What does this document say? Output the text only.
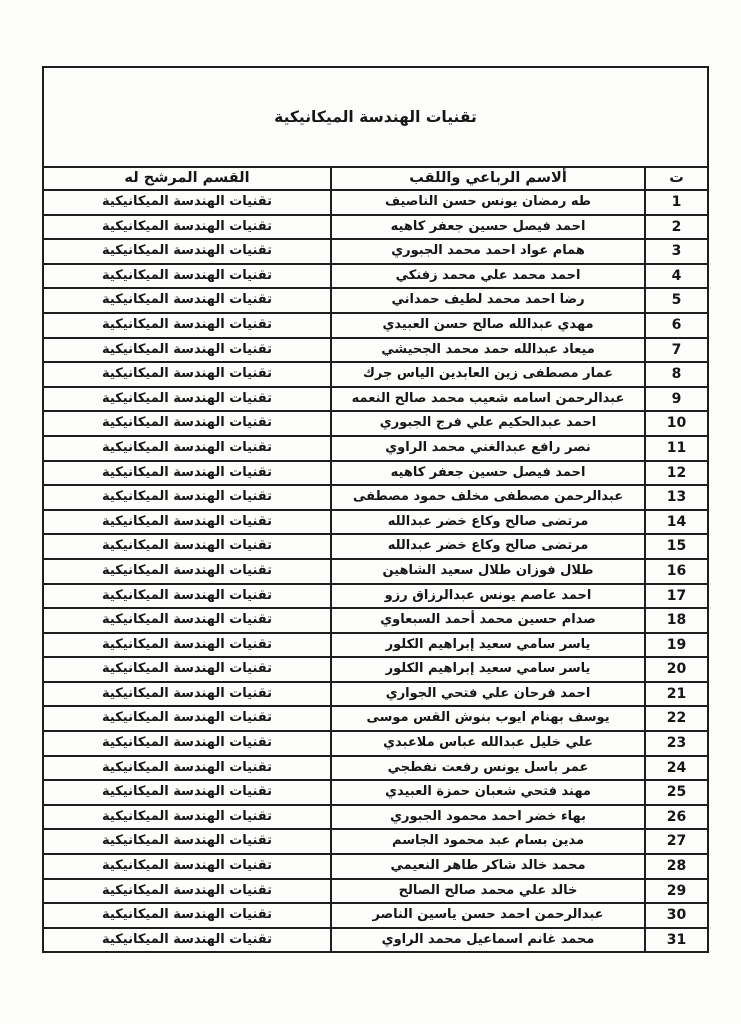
تقنيات الهندسة الميكانيكية		
ت	ألاسم الرباعي واللقب	القسم المرشح له
1	طه رمضان يونس حسن الناصيف	تقنيات الهندسة الميكانيكية
2	احمد فيصل حسين جعفر كاهيه	تقنيات الهندسة الميكانيكية
3	همام عواد احمد محمد الجبوري	تقنيات الهندسة الميكانيكية
4	احمد محمد علي محمد زفنكي	تقنيات الهندسة الميكانيكية
5	رضا احمد محمد لطيف حمداني	تقنيات الهندسة الميكانيكية
6	مهدي عبدالله صالح حسن العبيدي	تقنيات الهندسة الميكانيكية
7	ميعاد عبدالله حمد محمد الجحيشي	تقنيات الهندسة الميكانيكية
8	عمار مصطفى زين العابدين الياس جرك	تقنيات الهندسة الميكانيكية
9	عبدالرحمن اسامه شعيب محمد صالح النعمه	تقنيات الهندسة الميكانيكية
10	احمد عبدالحكيم علي فرج الجبوري	تقنيات الهندسة الميكانيكية
11	نصر رافع عبدالغني محمد الراوي	تقنيات الهندسة الميكانيكية
12	احمد فيصل حسين جعفر كاهيه	تقنيات الهندسة الميكانيكية
13	عبدالرحمن مصطفى مخلف حمود مصطفى	تقنيات الهندسة الميكانيكية
14	مرتضى صالح وكاع خضر عبدالله	تقنيات الهندسة الميكانيكية
15	مرتضى صالح وكاع خضر عبدالله	تقنيات الهندسة الميكانيكية
16	طلال فوزان طلال سعيد الشاهين	تقنيات الهندسة الميكانيكية
17	احمد عاصم يونس عبدالرزاق رزو	تقنيات الهندسة الميكانيكية
18	صدام حسين محمد أحمد السبعاوي	تقنيات الهندسة الميكانيكية
19	ياسر سامي سعيد إبراهيم الكلور	تقنيات الهندسة الميكانيكية
20	ياسر سامي سعيد إبراهيم الكلور	تقنيات الهندسة الميكانيكية
21	احمد فرحان علي فتحي الجواري	تقنيات الهندسة الميكانيكية
22	يوسف بهنام ايوب بنوش القس موسى	تقنيات الهندسة الميكانيكية
23	علي خليل عبدالله عباس ملاعبدي	تقنيات الهندسة الميكانيكية
24	عمر باسل يونس رفعت نفطجي	تقنيات الهندسة الميكانيكية
25	مهند فتحي شعبان حمزة العبيدي	تقنيات الهندسة الميكانيكية
26	بهاء خضر احمد محمود الجبوري	تقنيات الهندسة الميكانيكية
27	مدين بسام عبد محمود الجاسم	تقنيات الهندسة الميكانيكية
28	محمد خالد شاكر طاهر النعيمي	تقنيات الهندسة الميكانيكية
29	خالد علي محمد صالح الصالح	تقنيات الهندسة الميكانيكية
30	عبدالرحمن احمد حسن ياسين الناصر	تقنيات الهندسة الميكانيكية
31	محمد غانم اسماعيل محمد الراوي	تقنيات الهندسة الميكانيكية
